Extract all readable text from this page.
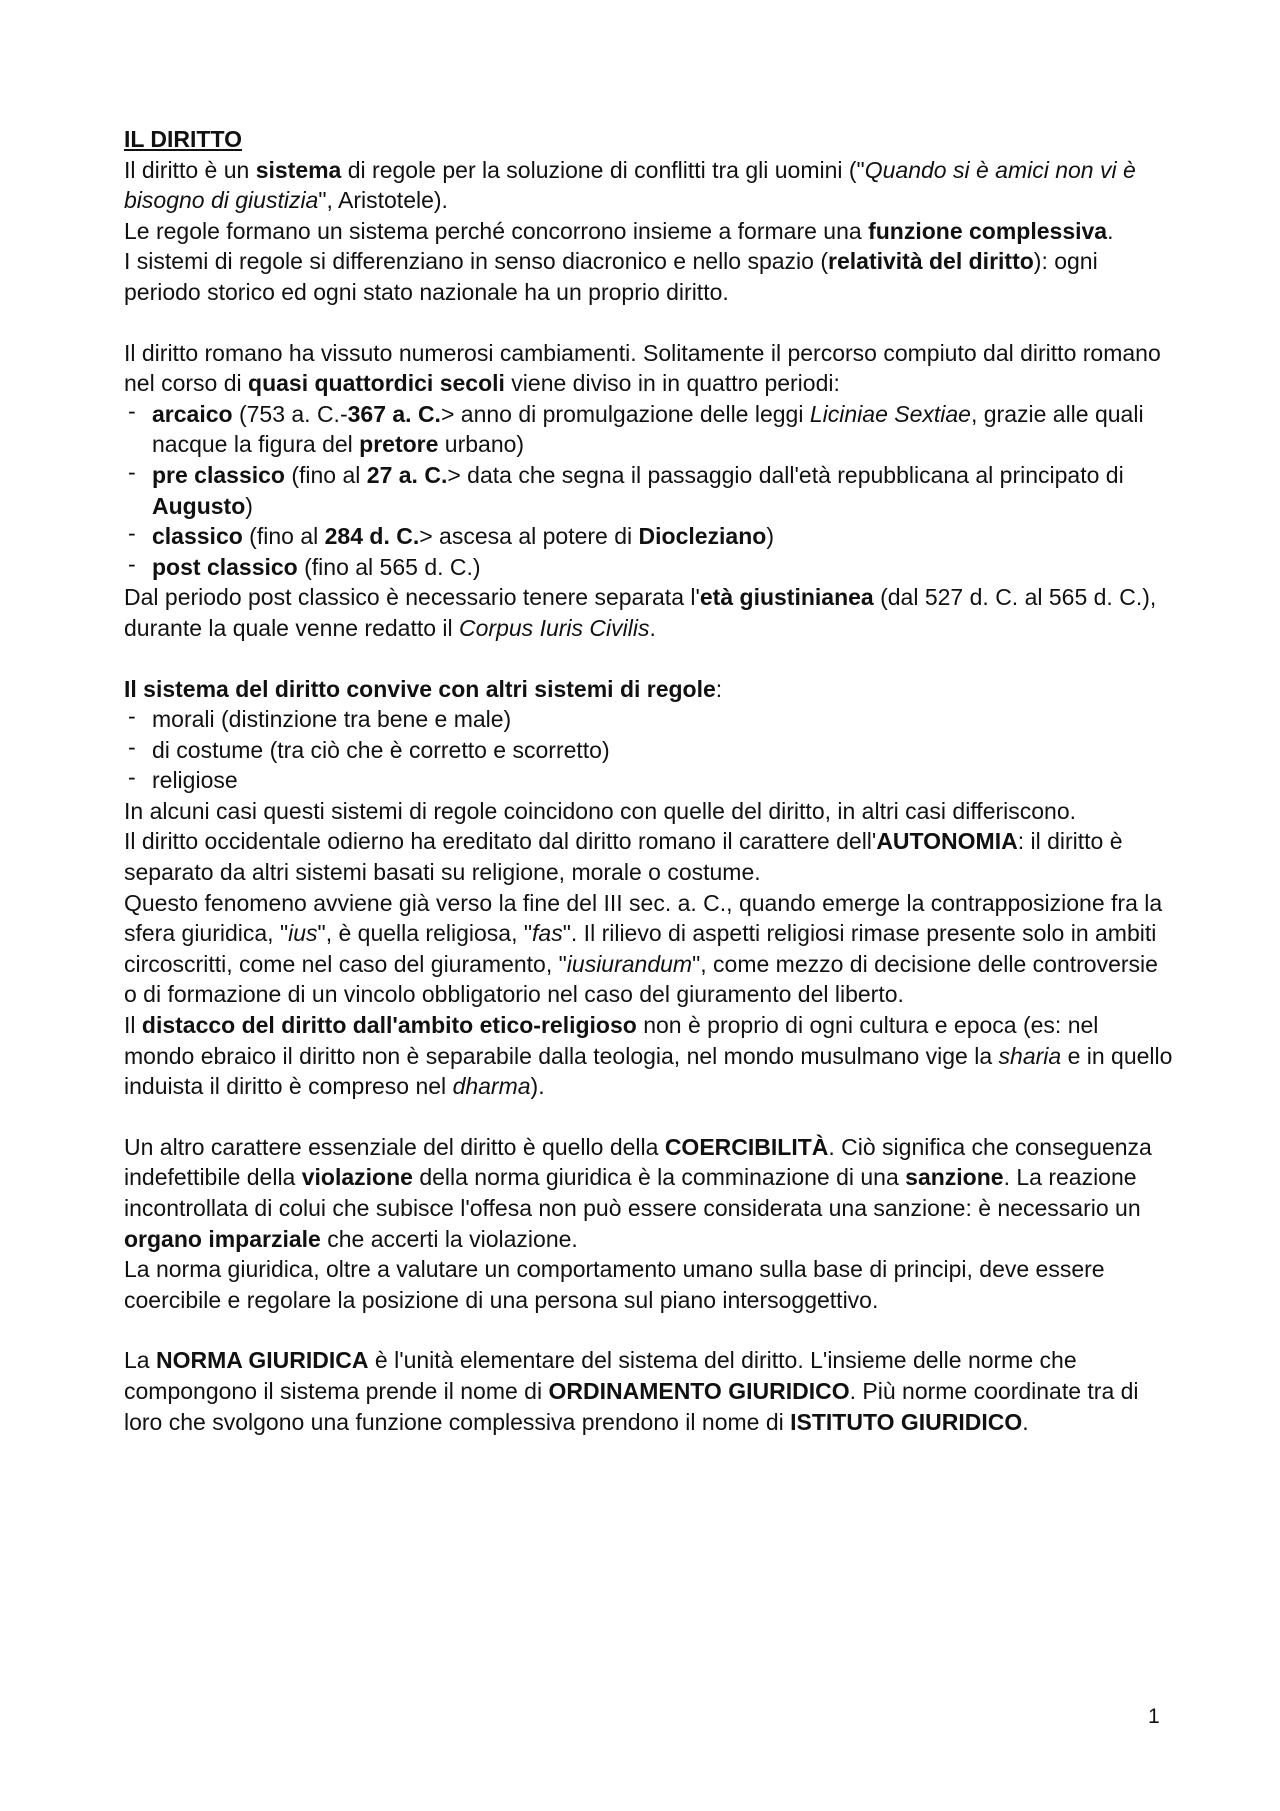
IL DIRITTO

Il diritto è un sistema di regole per la soluzione di conflitti tra gli uomini ("Quando si è amici non vi è bisogno di giustizia", Aristotele).

Le regole formano un sistema perché concorrono insieme a formare una funzione complessiva.

I sistemi di regole si differenziano in senso diacronico e nello spazio (relatività del diritto): ogni periodo storico ed ogni stato nazionale ha un proprio diritto.

Il diritto romano ha vissuto numerosi cambiamenti. Solitamente il percorso compiuto dal diritto romano nel corso di quasi quattordici secoli viene diviso in in quattro periodi:

- arcaico (753 a. C.-367 a. C.> anno di promulgazione delle leggi Liciniae Sextiae, grazie alle quali nacque la figura del pretore urbano)
- pre classico (fino al 27 a. C.> data che segna il passaggio dall'età repubblicana al principato di Augusto)
- classico (fino al 284 d. C.> ascesa al potere di Diocleziano)
- post classico (fino al 565 d. C.)

Dal periodo post classico è necessario tenere separata l'età giustinianea (dal 527 d. C. al 565 d. C.), durante la quale venne redatto il Corpus Iuris Civilis.

Il sistema del diritto convive con altri sistemi di regole:

- morali (distinzione tra bene e male)
- di costume (tra ciò che è corretto e scorretto)
- religiose

In alcuni casi questi sistemi di regole coincidono con quelle del diritto, in altri casi differiscono.

Il diritto occidentale odierno ha ereditato dal diritto romano il carattere dell'AUTONOMIA: il diritto è separato da altri sistemi basati su religione, morale o costume.

Questo fenomeno avviene già verso la fine del III sec. a. C., quando emerge la contrapposizione fra la sfera giuridica, "ius", è quella religiosa, "fas". Il rilievo di aspetti religiosi rimase presente solo in ambiti circoscritti, come nel caso del giuramento, "iusiurandum", come mezzo di decisione delle controversie o di formazione di un vincolo obbligatorio nel caso del giuramento del liberto.

Il distacco del diritto dall'ambito etico-religioso non è proprio di ogni cultura e epoca (es: nel mondo ebraico il diritto non è separabile dalla teologia, nel mondo musulmano vige la sharia e in quello induista il diritto è compreso nel dharma).

Un altro carattere essenziale del diritto è quello della COERCIBILITÀ. Ciò significa che conseguenza indefettibile della violazione della norma giuridica è la comminazione di una sanzione. La reazione incontrollata di colui che subisce l'offesa non può essere considerata una sanzione: è necessario un organo imparziale che accerti la violazione.

La norma giuridica, oltre a valutare un comportamento umano sulla base di principi, deve essere coercibile e regolare la posizione di una persona sul piano intersoggettivo.

La NORMA GIURIDICA è l'unità elementare del sistema del diritto. L'insieme delle norme che compongono il sistema prende il nome di ORDINAMENTO GIURIDICO. Più norme coordinate tra di loro che svolgono una funzione complessiva prendono il nome di ISTITUTO GIURIDICO.

1
